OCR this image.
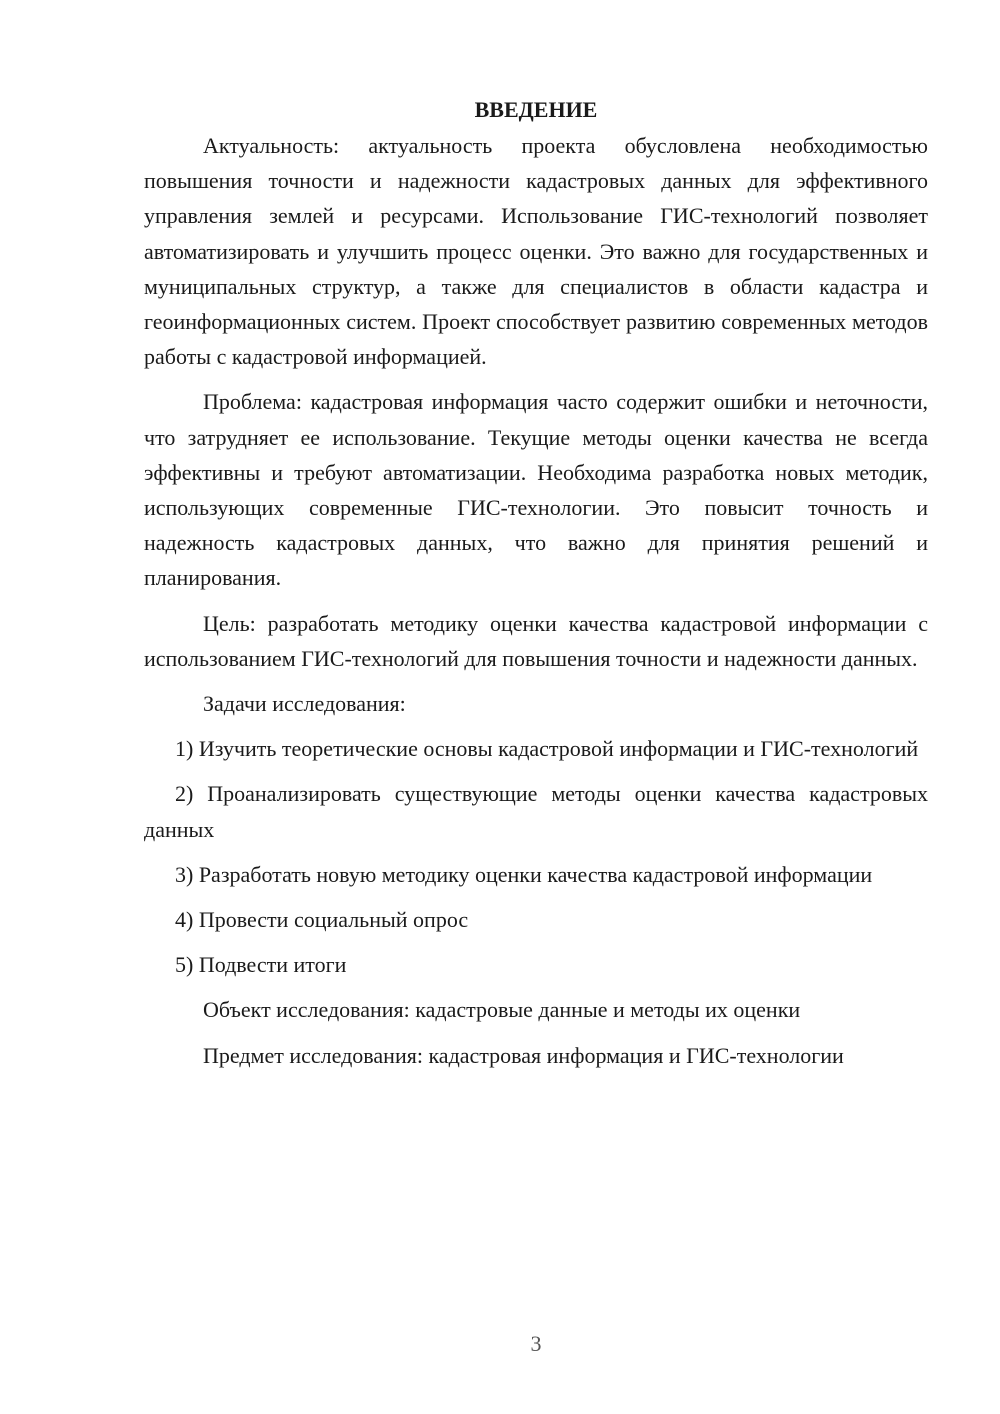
ВВЕДЕНИЕ

Актуальность: актуальность проекта обусловлена необходимостью повышения точности и надежности кадастровых данных для эффективного управления землей и ресурсами. Использование ГИС-технологий позволяет автоматизировать и улучшить процесс оценки. Это важно для государственных и муниципальных структур, а также для специалистов в области кадастра и геоинформационных систем. Проект способствует развитию современных методов работы с кадастровой информацией.

Проблема: кадастровая информация часто содержит ошибки и неточности, что затрудняет ее использование. Текущие методы оценки качества не всегда эффективны и требуют автоматизации. Необходима разработка новых методик, использующих современные ГИС-технологии. Это повысит точность и надежность кадастровых данных, что важно для принятия решений и планирования.

Цель: разработать методику оценки качества кадастровой информации с использованием ГИС-технологий для повышения точности и надежности данных.

Задачи исследования:

1) Изучить теоретические основы кадастровой информации и ГИС-технологий

2) Проанализировать существующие методы оценки качества кадастровых данных

3) Разработать новую методику оценки качества кадастровой информации

4) Провести социальный опрос

5) Подвести итоги

Объект исследования: кадастровые данные и методы их оценки

Предмет исследования: кадастровая информация и ГИС-технологии

3
